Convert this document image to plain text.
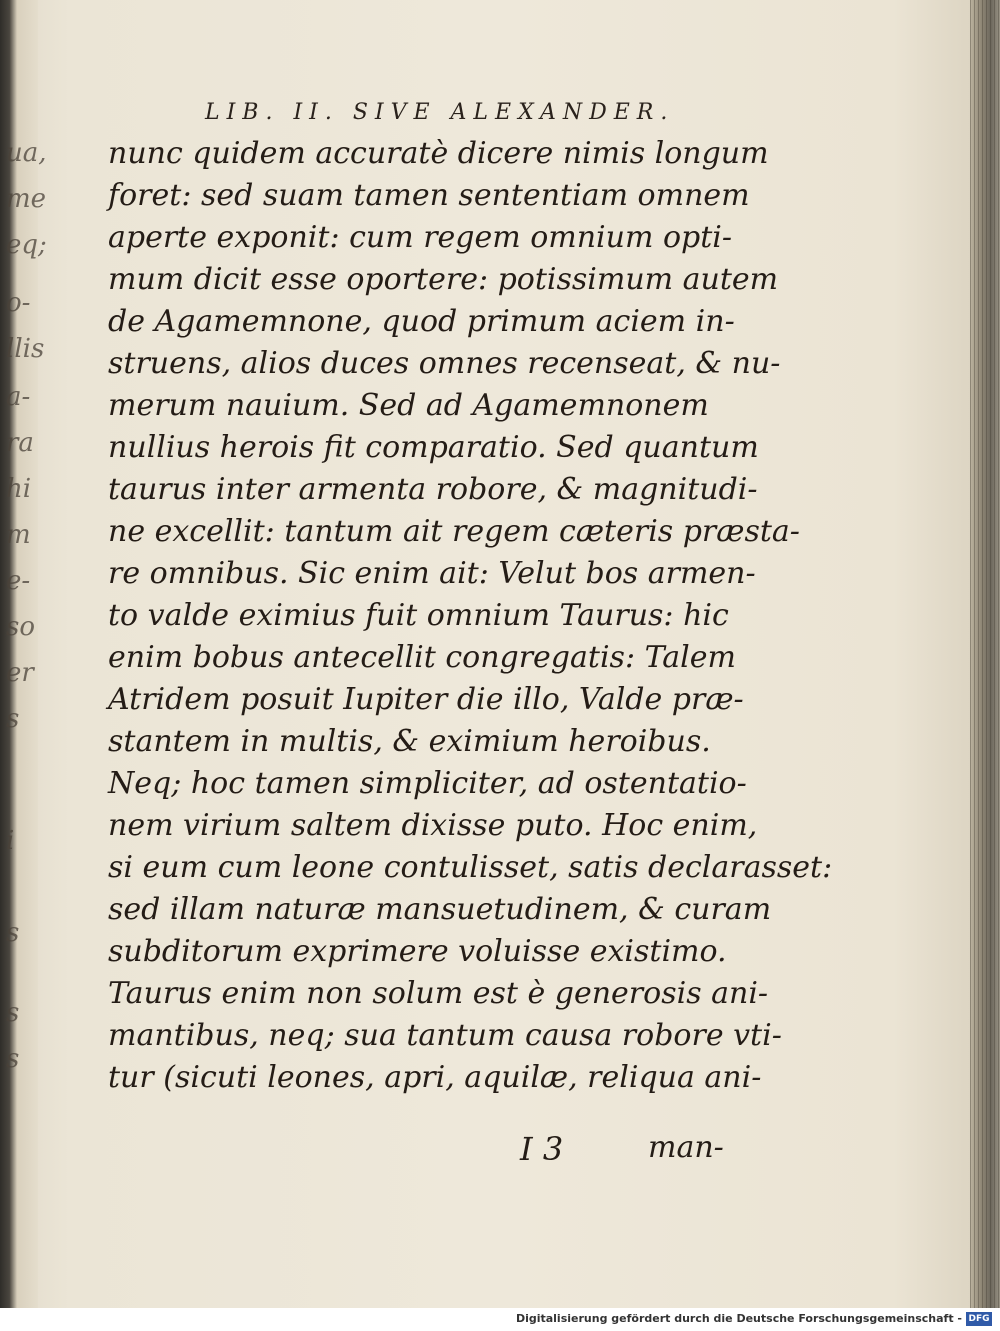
ua,
me
eq;
o-
llis
a-
ra
hi
m
e-
so
er
s
i
s
s
s
LIB. II. SIVE ALEXANDER.
nunc quidem accuratè dicere nimis longum
foret: sed suam tamen sententiam omnem
aperte exponit: cum regem omnium opti-
mum dicit esse oportere: potissimum autem
de Agamemnone, quod primum aciem in-
struens, alios duces omnes recenseat, & nu-
merum nauium. Sed ad Agamemnonem
nullius herois fit comparatio. Sed quantum
taurus inter armenta robore, & magnitudi-
ne excellit: tantum ait regem cæteris præsta-
re omnibus. Sic enim ait: Velut bos armen-
to valde eximius fuit omnium Taurus: hic
enim bobus antecellit congregatis: Talem
Atridem posuit Iupiter die illo, Valde præ-
stantem in multis, & eximium heroibus.
Neq; hoc tamen simpliciter, ad ostentatio-
nem virium saltem dixisse puto. Hoc enim,
si eum cum leone contulisset, satis declarasset:
sed illam naturæ mansuetudinem, & curam
subditorum exprimere voluisse existimo.
Taurus enim non solum est è generosis ani-
mantibus, neq; sua tantum causa robore vti-
tur (sicuti leones, apri, aquilæ, reliqua ani-
I 3	man-
Digitalisierung gefördert durch die Deutsche Forschungsgemeinschaft - DFG
